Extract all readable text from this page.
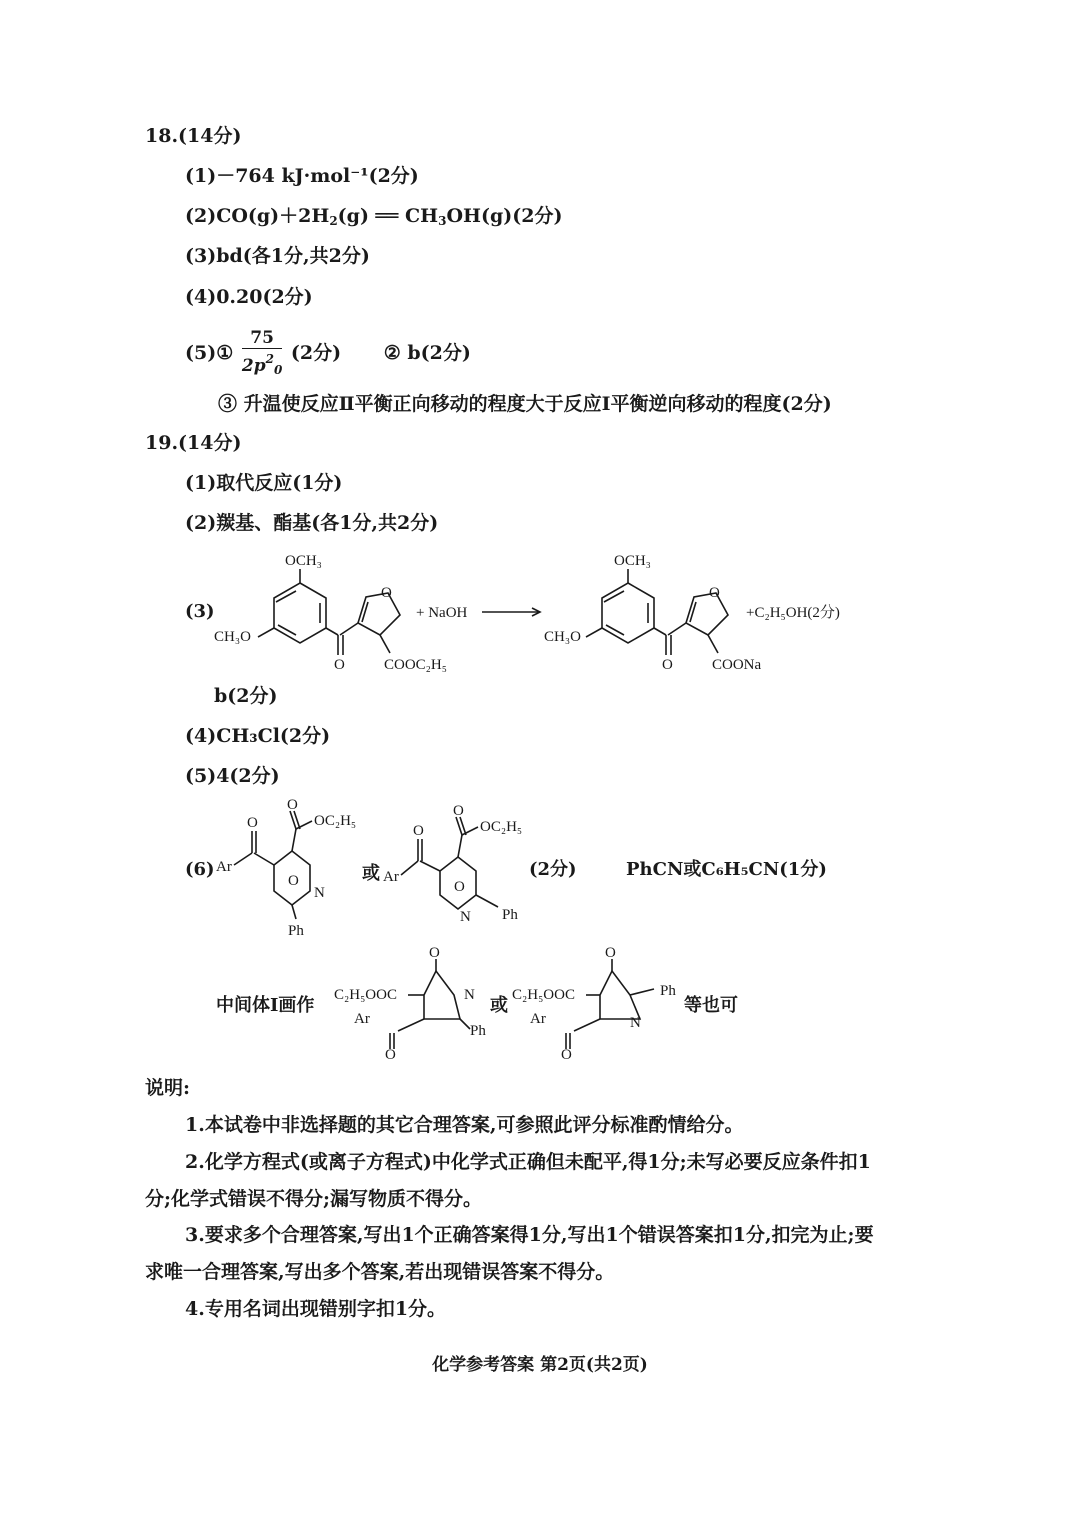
18.(14分)
(1)－764 kJ·mol⁻¹(2分)
$(2)CO(g)+2H_2(g)$ ══ $CH_3OH(g)(2$分)
(3)bd(各1分,共2分)
(4)0.20(2分)
(5)① $\frac{75}{2p^2_0} (2$分) ② b(2分)
③ 升温使反应Ⅱ平衡正向移动的程度大于反应Ⅰ平衡逆向移动的程度(2分)
19.(14分)
(1)取代反应(1分)
(2)羰基、酯基(各1分,共2分)
(3)
OCH₃
CH₃O
O
O
COOC₂H₅
+ NaOH
OCH₃
CH₃O
O
O
COONa
+C₂H₅OH(2分)
b(2分)
(4)CH₃Cl(2分)
(5)4(2分)
(6) Ar
O
O
OC₂H₅
O
N
Ph
或 Ar
O
O
OC₂H₅
O
N Ph
(2分)	PhCN或C₆H₅CN(1分)
中间体Ⅰ画作 C₂H₅OOC
Ar
O
N
Ph
O
或 C₂H₅OOC
Ar
O
Ph
N
O
等也可
说明:
1.本试卷中非选择题的其它合理答案,可参照此评分标准酌情给分。
2.化学方程式(或离子方程式)中化学式正确但未配平,得1分;未写必要反应条件扣1
分;化学式错误不得分;漏写物质不得分。
3.要求多个合理答案,写出1个正确答案得1分,写出1个错误答案扣1分,扣完为止;要
求唯一合理答案,写出多个答案,若出现错误答案不得分。
4.专用名词出现错别字扣1分。
化学参考答案 第2页(共2页)
